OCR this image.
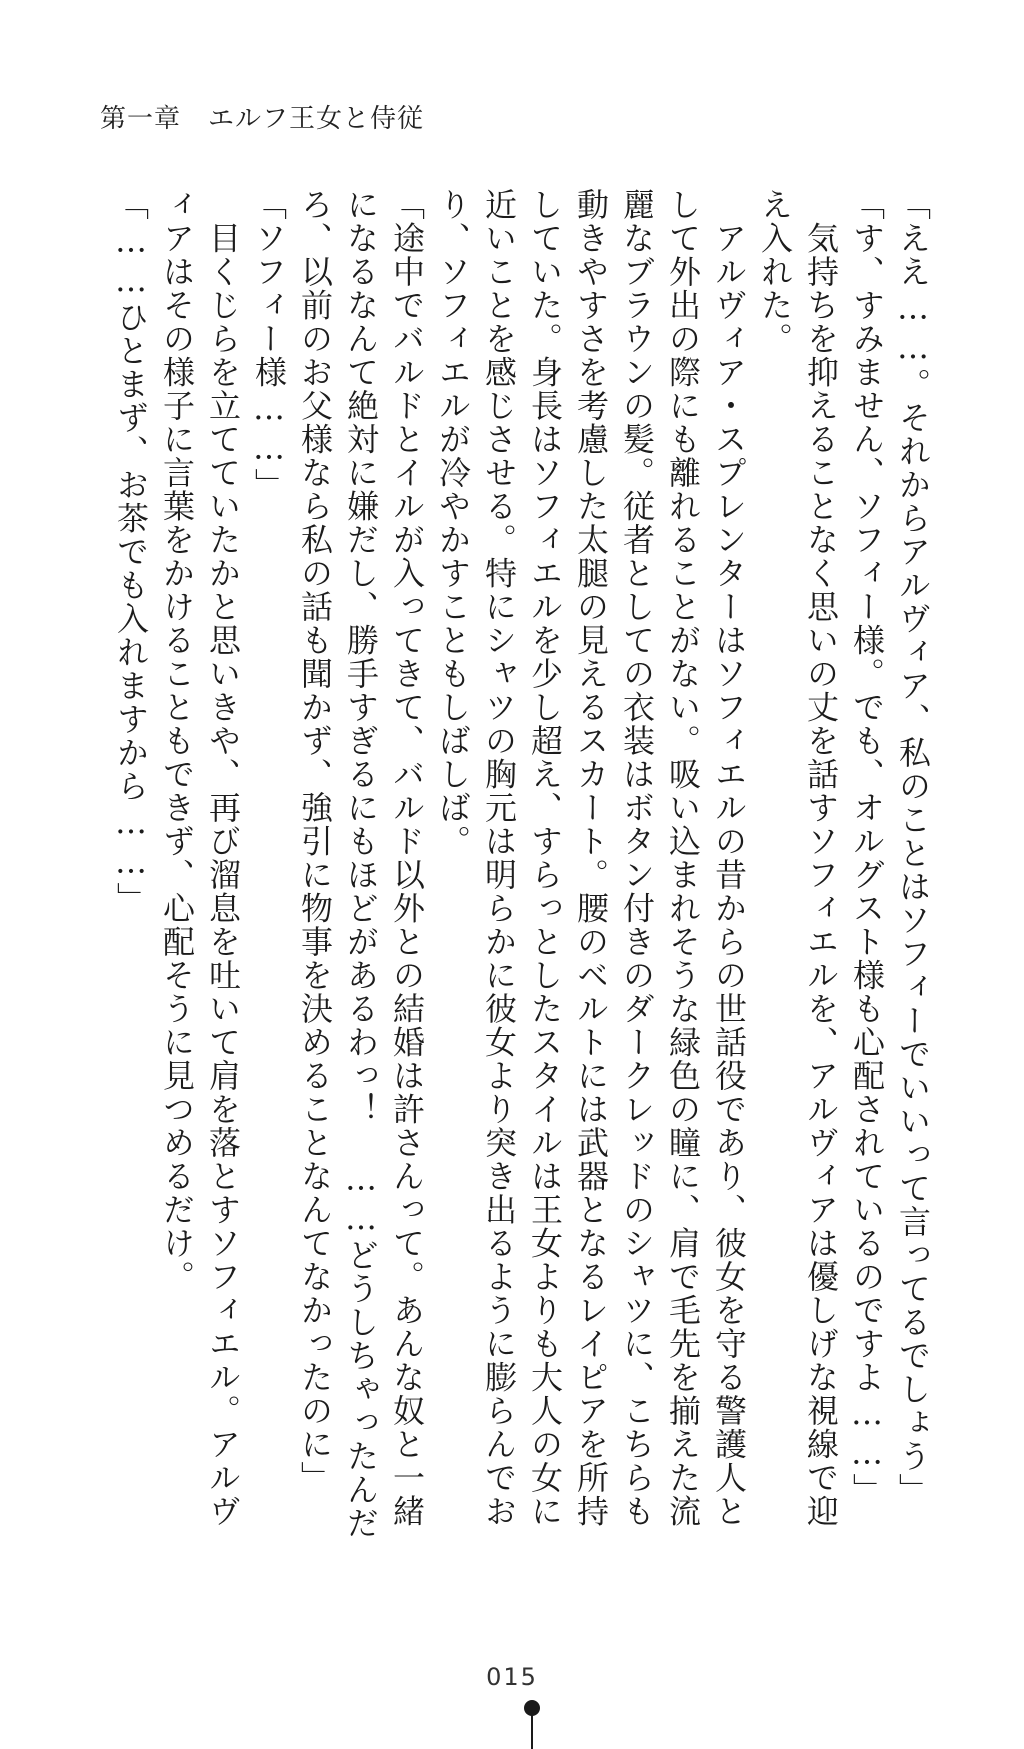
第一章　エルフ王女と侍従

「ええ……。それからアルヴィア、私のことはソフィーでいいって言ってるでしょう」

「す、すみません、ソフィー様。でも、オルグスト様も心配されているのですよ……」

　気持ちを抑えることなく思いの丈を話すソフィエルを、アルヴィアは優しげな視線で迎

え入れた。

　アルヴィア・スプレンターはソフィエルの昔からの世話役であり、彼女を守る警護人と

して外出の際にも離れることがない。吸い込まれそうな緑色の瞳に、肩で毛先を揃えた流

麗なブラウンの髪。従者としての衣装はボタン付きのダークレッドのシャツに、こちらも

動きやすさを考慮した太腿の見えるスカート。腰のベルトには武器となるレイピアを所持

していた。身長はソフィエルを少し超え、すらっとしたスタイルは王女よりも大人の女に

近いことを感じさせる。特にシャツの胸元は明らかに彼女より突き出るように膨らんでお

り、ソフィエルが冷やかすこともしばしば。

「途中でバルドとイルが入ってきて、バルド以外との結婚は許さんって。あんな奴と一緒

になるなんて絶対に嫌だし、勝手すぎるにもほどがあるわっ！　……どうしちゃったんだ

ろ、以前のお父様なら私の話も聞かず、強引に物事を決めることなんてなかったのに」

「ソフィー様……」

　目くじらを立てていたかと思いきや、再び溜息を吐いて肩を落とすソフィエル。アルヴ

ィアはその様子に言葉をかけることもできず、心配そうに見つめるだけ。

「……ひとまず、お茶でも入れますから……」

015
